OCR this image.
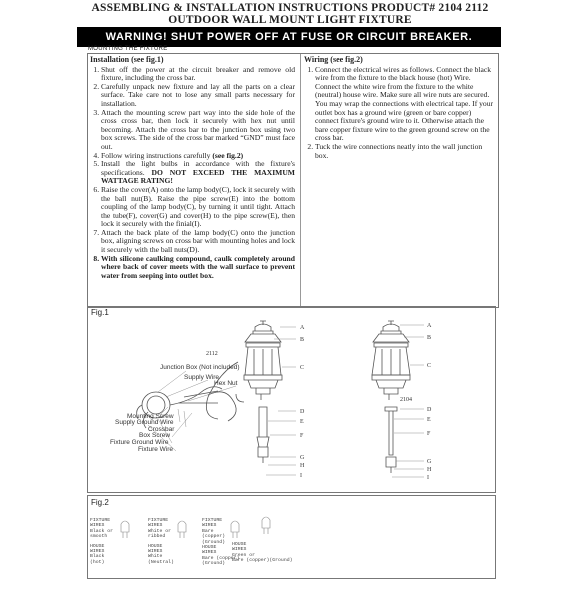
ASSEMBLING & INSTALLATION INSTRUCTIONS PRODUCT# 2104 2112
OUTDOOR WALL MOUNT LIGHT FIXTURE
WARNING! SHUT POWER OFF AT FUSE OR CIRCUIT BREAKER.
MOUNTING THE FIXTURE
Installation (see fig.1)
1. Shut off the power at the circuit breaker and remove old fixture, including the cross bar.
2. Carefully unpack new fixture and lay all the parts on a clear surface. Take care not to lose any small parts necessary for installation.
3. Attach the mounting screw part way into the side hole of the cross cross bar, then lock it securely with hex nut until becoming. Attach the cross bar to the junction box using two box screws. The side of the cross bar marked “GND” must face out.
4. Follow wiring instructions carefully (see fig.2)
5. Install the light bulbs in accordance with the fixture's specifications. DO NOT EXCEED THE MAXIMUM WATTAGE RATING!
6. Raise the cover(A) onto the lamp body(C), lock it securely with the ball nut(B). Raise the pipe screw(E) into the bottom coupling of the lamp body(C), by turning it until tight. Attach the tube(F), cover(G) and cover(H) to the pipe screw(E), then lock it securely with the finial(I).
7. Attach the back plate of the lamp body(C) onto the junction box, aligning screws on cross bar with mounting holes and lock it securely with the ball nuts(D).
8. With silicone caulking compound, caulk completely around where back of cover meets with the wall surface to prevent water from seeping into outlet box.
Wiring (see fig.2)
1. Connect the electrical wires as follows. Connect the black wire from the fixture to the black house (hot) Wire. Connect the white wire from the fixture to the white (neutral) house wire. Make sure all wire nuts are secured. You may wrap the connections with electrical tape. If your outlet box has a ground wire (green or bare copper) connect fixture's ground wire to it. Otherwise attach the bare copper fixture wire to the green ground screw on the cross bar.
2. Tuck the wire connections neatly into the wall junction box.
Fig.1
2112
2104
A
B
C
D
E
F
G
H
I
A
B
C
D
E
F
G
H
I
Junction Box (Not included)
Supply Wire
Hex Nut
Mounting Screw
Supply Ground Wire
Crossbar
Box Screw
Fixture Ground Wire
Fixture Wire
Fig.2
FIXTURE
WIRES
Black or
smooth
HOUSE
WIRES
Black
(hot)
FIXTURE
WIRES
White or
ribbed
HOUSE
WIRES
White
(Neutral)
FIXTURE
WIRES
Bare
(copper)
(Ground)
HOUSE
WIRES
Bare (copper)
(Ground)
HOUSE
WIRES
Green or
Bare (copper)(Ground)
